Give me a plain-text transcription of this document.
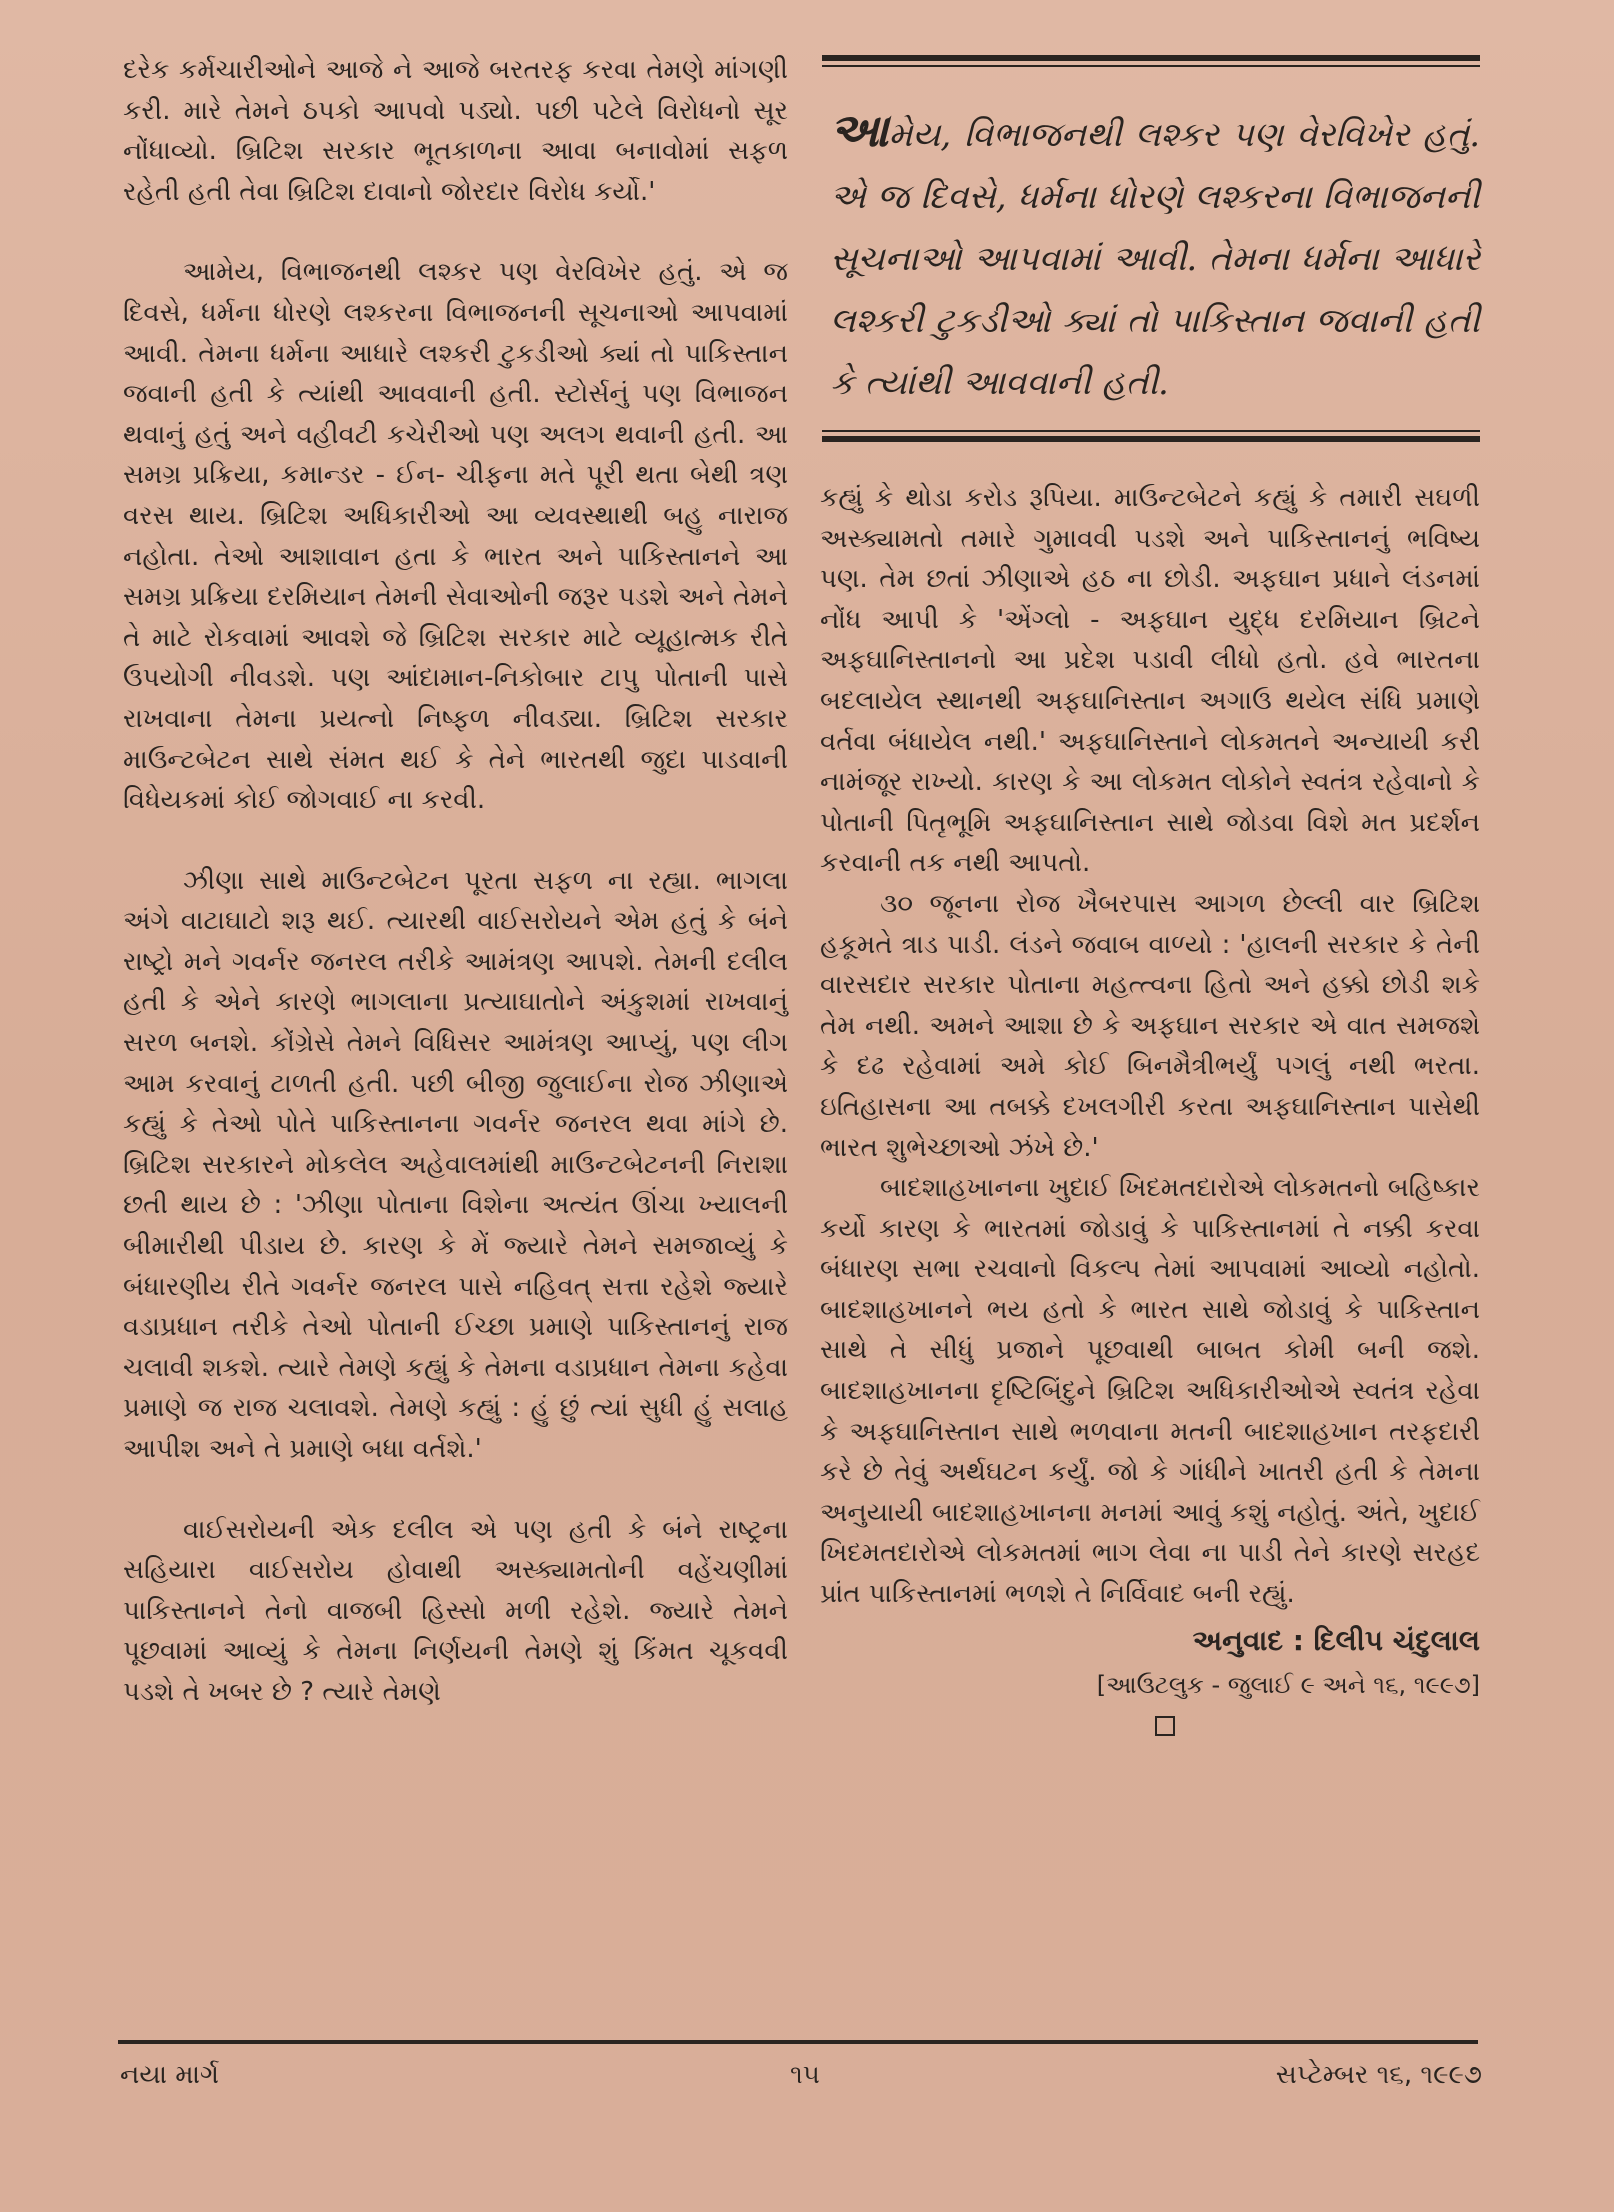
દરેક કર્મચારીઓને આજે ને આજે બરતરફ કરવા તેમણે માંગણી કરી. મારે તેમને ઠપકો આપવો પડ્યો. પછી પટેલે વિરોધનો સૂર નોંધાવ્યો. બ્રિટિશ સરકાર ભૂતકાળના આવા બનાવોમાં સફળ રહેતી હતી તેવા બ્રિટિશ દાવાનો જોરદાર વિરોધ કર્યો.'

આમેય, વિભાજનથી લશ્કર પણ વેરવિખેર હતું. એ જ દિવસે, ધર્મના ધોરણે લશ્કરના વિભાજનની સૂચનાઓ આપવામાં આવી. તેમના ધર્મના આધારે લશ્કરી ટુકડીઓ ક્યાં તો પાકિસ્તાન જવાની હતી કે ત્યાંથી આવવાની હતી. સ્ટોર્સનું પણ વિભાજન થવાનું હતું અને વહીવટી કચેરીઓ પણ અલગ થવાની હતી. આ સમગ્ર પ્રક્રિયા, કમાન્ડર - ઈન- ચીફના મતે પૂરી થતા બેથી ત્રણ વરસ થાય. બ્રિટિશ અધિકારીઓ આ વ્યવસ્થાથી બહુ નારાજ નહોતા. તેઓ આશાવાન હતા કે ભારત અને પાકિસ્તાનને આ સમગ્ર પ્રક્રિયા દરમિયાન તેમની સેવાઓની જરૂર પડશે અને તેમને તે માટે રોકવામાં આવશે જે બ્રિટિશ સરકાર માટે વ્યૂહાત્મક રીતે ઉપયોગી નીવડશે. પણ આંદામાન-નિકોબાર ટાપુ પોતાની પાસે રાખવાના તેમના પ્રયત્નો નિષ્ફળ નીવડ્યા. બ્રિટિશ સરકાર માઉન્ટબેટન સાથે સંમત થઈ કે તેને ભારતથી જુદા પાડવાની વિધેયકમાં કોઈ જોગવાઈ ના કરવી.

ઝીણા સાથે માઉન્ટબેટન પૂરતા સફળ ના રહ્યા. ભાગલા અંગે વાટાઘાટો શરૂ થઈ. ત્યારથી વાઈસરોયને એમ હતું કે બંને રાષ્ટ્રો મને ગવર્નર જનરલ તરીકે આમંત્રણ આપશે. તેમની દલીલ હતી કે એને કારણે ભાગલાના પ્રત્યાઘાતોને અંકુશમાં રાખવાનું સરળ બનશે. કોંગ્રેસે તેમને વિધિસર આમંત્રણ આપ્યું, પણ લીગ આમ કરવાનું ટાળતી હતી. પછી બીજી જુલાઈના રોજ ઝીણાએ કહ્યું કે તેઓ પોતે પાકિસ્તાનના ગવર્નર જનરલ થવા માંગે છે. બ્રિટિશ સરકારને મોકલેલ અહેવાલમાંથી માઉન્ટબેટનની નિરાશા છતી થાય છે : 'ઝીણા પોતાના વિશેના અત્યંત ઊંચા ખ્યાલની બીમારીથી પીડાય છે. કારણ કે મેં જ્યારે તેમને સમજાવ્યું કે બંધારણીય રીતે ગવર્નર જનરલ પાસે નહિવત્ સત્તા રહેશે જ્યારે વડાપ્રધાન તરીકે તેઓ પોતાની ઈચ્છા પ્રમાણે પાકિસ્તાનનું રાજ ચલાવી શકશે. ત્યારે તેમણે કહ્યું કે તેમના વડાપ્રધાન તેમના કહેવા પ્રમાણે જ રાજ ચલાવશે. તેમણે કહ્યું : હું છું ત્યાં સુધી હું સલાહ આપીશ અને તે પ્રમાણે બધા વર્તશે.'

વાઈસરોયની એક દલીલ એ પણ હતી કે બંને રાષ્ટ્રના સહિયારા વાઈસરોય હોવાથી અસ્ક્યામતોની વહેંચણીમાં પાકિસ્તાનને તેનો વાજબી હિસ્સો મળી રહેશે. જ્યારે તેમને પૂછવામાં આવ્યું કે તેમના નિર્ણયની તેમણે શું કિંમત ચૂકવવી પડશે તે ખબર છે ? ત્યારે તેમણે

આમેય, વિભાજનથી લશ્કર પણ વેરવિખેર હતું. એ જ દિવસે, ધર્મના ધોરણે લશ્કરના વિભાજનની સૂચનાઓ આપવામાં આવી. તેમના ધર્મના આધારે લશ્કરી ટુકડીઓ ક્યાં તો પાકિસ્તાન જવાની હતી કે ત્યાંથી આવવાની હતી.

કહ્યું કે થોડા કરોડ રૂપિયા. માઉન્ટબેટને કહ્યું કે તમારી સઘળી અસ્ક્યામતો તમારે ગુમાવવી પડશે અને પાકિસ્તાનનું ભવિષ્ય પણ. તેમ છતાં ઝીણાએ હઠ ના છોડી. અફઘાન પ્રધાને લંડનમાં નોંધ આપી કે 'એંગ્લો - અફઘાન યુદ્ધ દરમિયાન બ્રિટને અફઘાનિસ્તાનનો આ પ્રદેશ પડાવી લીધો હતો. હવે ભારતના બદલાયેલ સ્થાનથી અફઘાનિસ્તાન અગાઉ થયેલ સંધિ પ્રમાણે વર્તવા બંધાયેલ નથી.' અફઘાનિસ્તાને લોકમતને અન્યાયી કરી નામંજૂર રાખ્યો. કારણ કે આ લોકમત લોકોને સ્વતંત્ર રહેવાનો કે પોતાની પિતૃભૂમિ અફઘાનિસ્તાન સાથે જોડવા વિશે મત પ્રદર્શન કરવાની તક નથી આપતો.

૩૦ જૂનના રોજ ખૈબરપાસ આગળ છેલ્લી વાર બ્રિટિશ હકૂમતે ત્રાડ પાડી. લંડને જવાબ વાળ્યો : 'હાલની સરકાર કે તેની વારસદાર સરકાર પોતાના મહત્ત્વના હિતો અને હક્કો છોડી શકે તેમ નથી. અમને આશા છે કે અફઘાન સરકાર એ વાત સમજશે કે દઢ રહેવામાં અમે કોઈ બિનમૈત્રીભર્યું પગલું નથી ભરતા. ઇતિહાસના આ તબક્કે દખલગીરી કરતા અફઘાનિસ્તાન પાસેથી ભારત શુભેચ્છાઓ ઝંખે છે.'

બાદશાહખાનના ખુદાઈ ખિદમતદારોએ લોકમતનો બહિષ્કાર કર્યો કારણ કે ભારતમાં જોડાવું કે પાકિસ્તાનમાં તે નક્કી કરવા બંધારણ સભા રચવાનો વિકલ્પ તેમાં આપવામાં આવ્યો નહોતો. બાદશાહખાનને ભય હતો કે ભારત સાથે જોડાવું કે પાકિસ્તાન સાથે તે સીધું પ્રજાને પૂછવાથી બાબત કોમી બની જશે. બાદશાહખાનના દૃષ્ટિબિંદુને બ્રિટિશ અધિકારીઓએ સ્વતંત્ર રહેવા કે અફઘાનિસ્તાન સાથે ભળવાના મતની બાદશાહખાન તરફદારી કરે છે તેવું અર્થઘટન કર્યું. જો કે ગાંધીને ખાતરી હતી કે તેમના અનુયાયી બાદશાહખાનના મનમાં આવું કશું નહોતું. અંતે, ખુદાઈ ખિદમતદારોએ લોકમતમાં ભાગ લેવા ના પાડી તેને કારણે સરહદ પ્રાંત પાકિસ્તાનમાં ભળશે તે નિર્વિવાદ બની રહ્યું.

અનુવાદ : દિલીપ ચંદુલાલ
[આઉટલુક - જુલાઈ ૯ અને ૧૬, ૧૯૯૭]
નયા માર્ગ	૧૫	સપ્ટેમ્બર ૧૬, ૧૯૯૭
